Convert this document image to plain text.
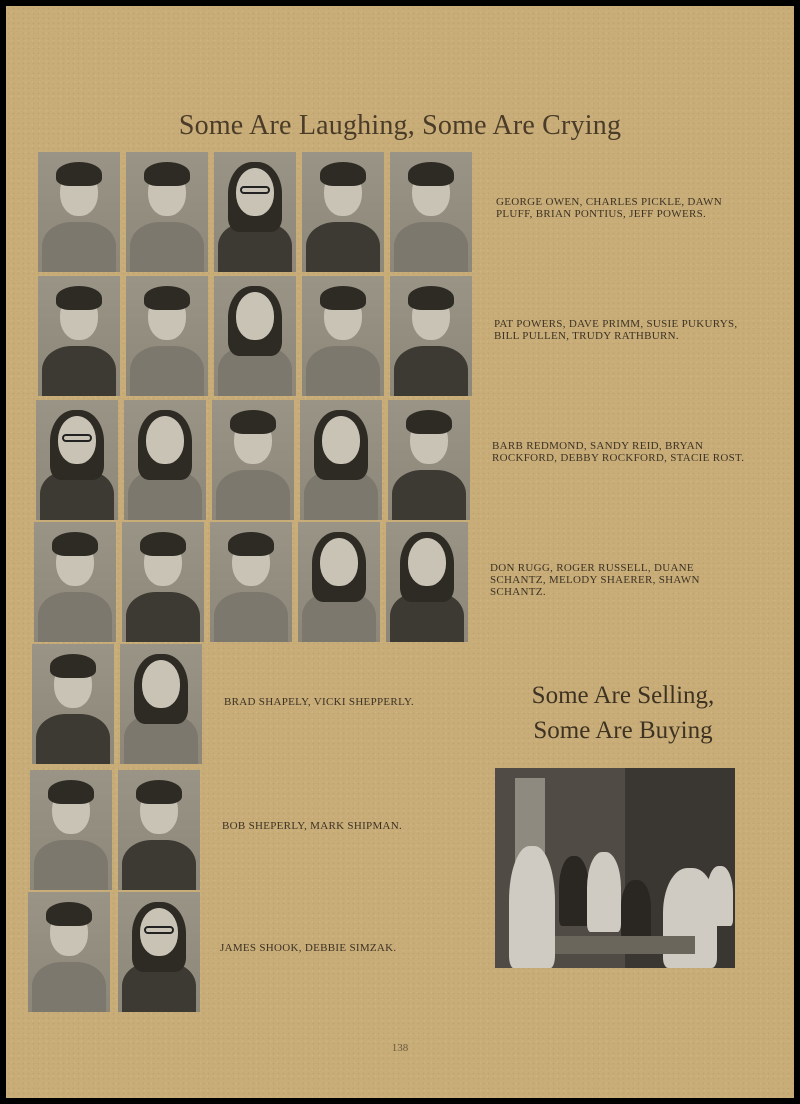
Some Are Laughing, Some Are Crying
GEORGE OWEN, CHARLES PICKLE, DAWN PLUFF, BRIAN PONTIUS, JEFF POWERS.
PAT POWERS, DAVE PRIMM, SUSIE PUKURYS, BILL PULLEN, TRUDY RATHBURN.
BARB REDMOND, SANDY REID, BRYAN ROCKFORD, DEBBY ROCKFORD, STACIE ROST.
DON RUGG, ROGER RUSSELL, DUANE SCHANTZ, MELODY SHAERER, SHAWN SCHANTZ.
BRAD SHAPELY, VICKI SHEPPERLY.
BOB SHEPERLY, MARK SHIPMAN.
JAMES SHOOK, DEBBIE SIMZAK.
Some Are Selling,
Some Are Buying
138
